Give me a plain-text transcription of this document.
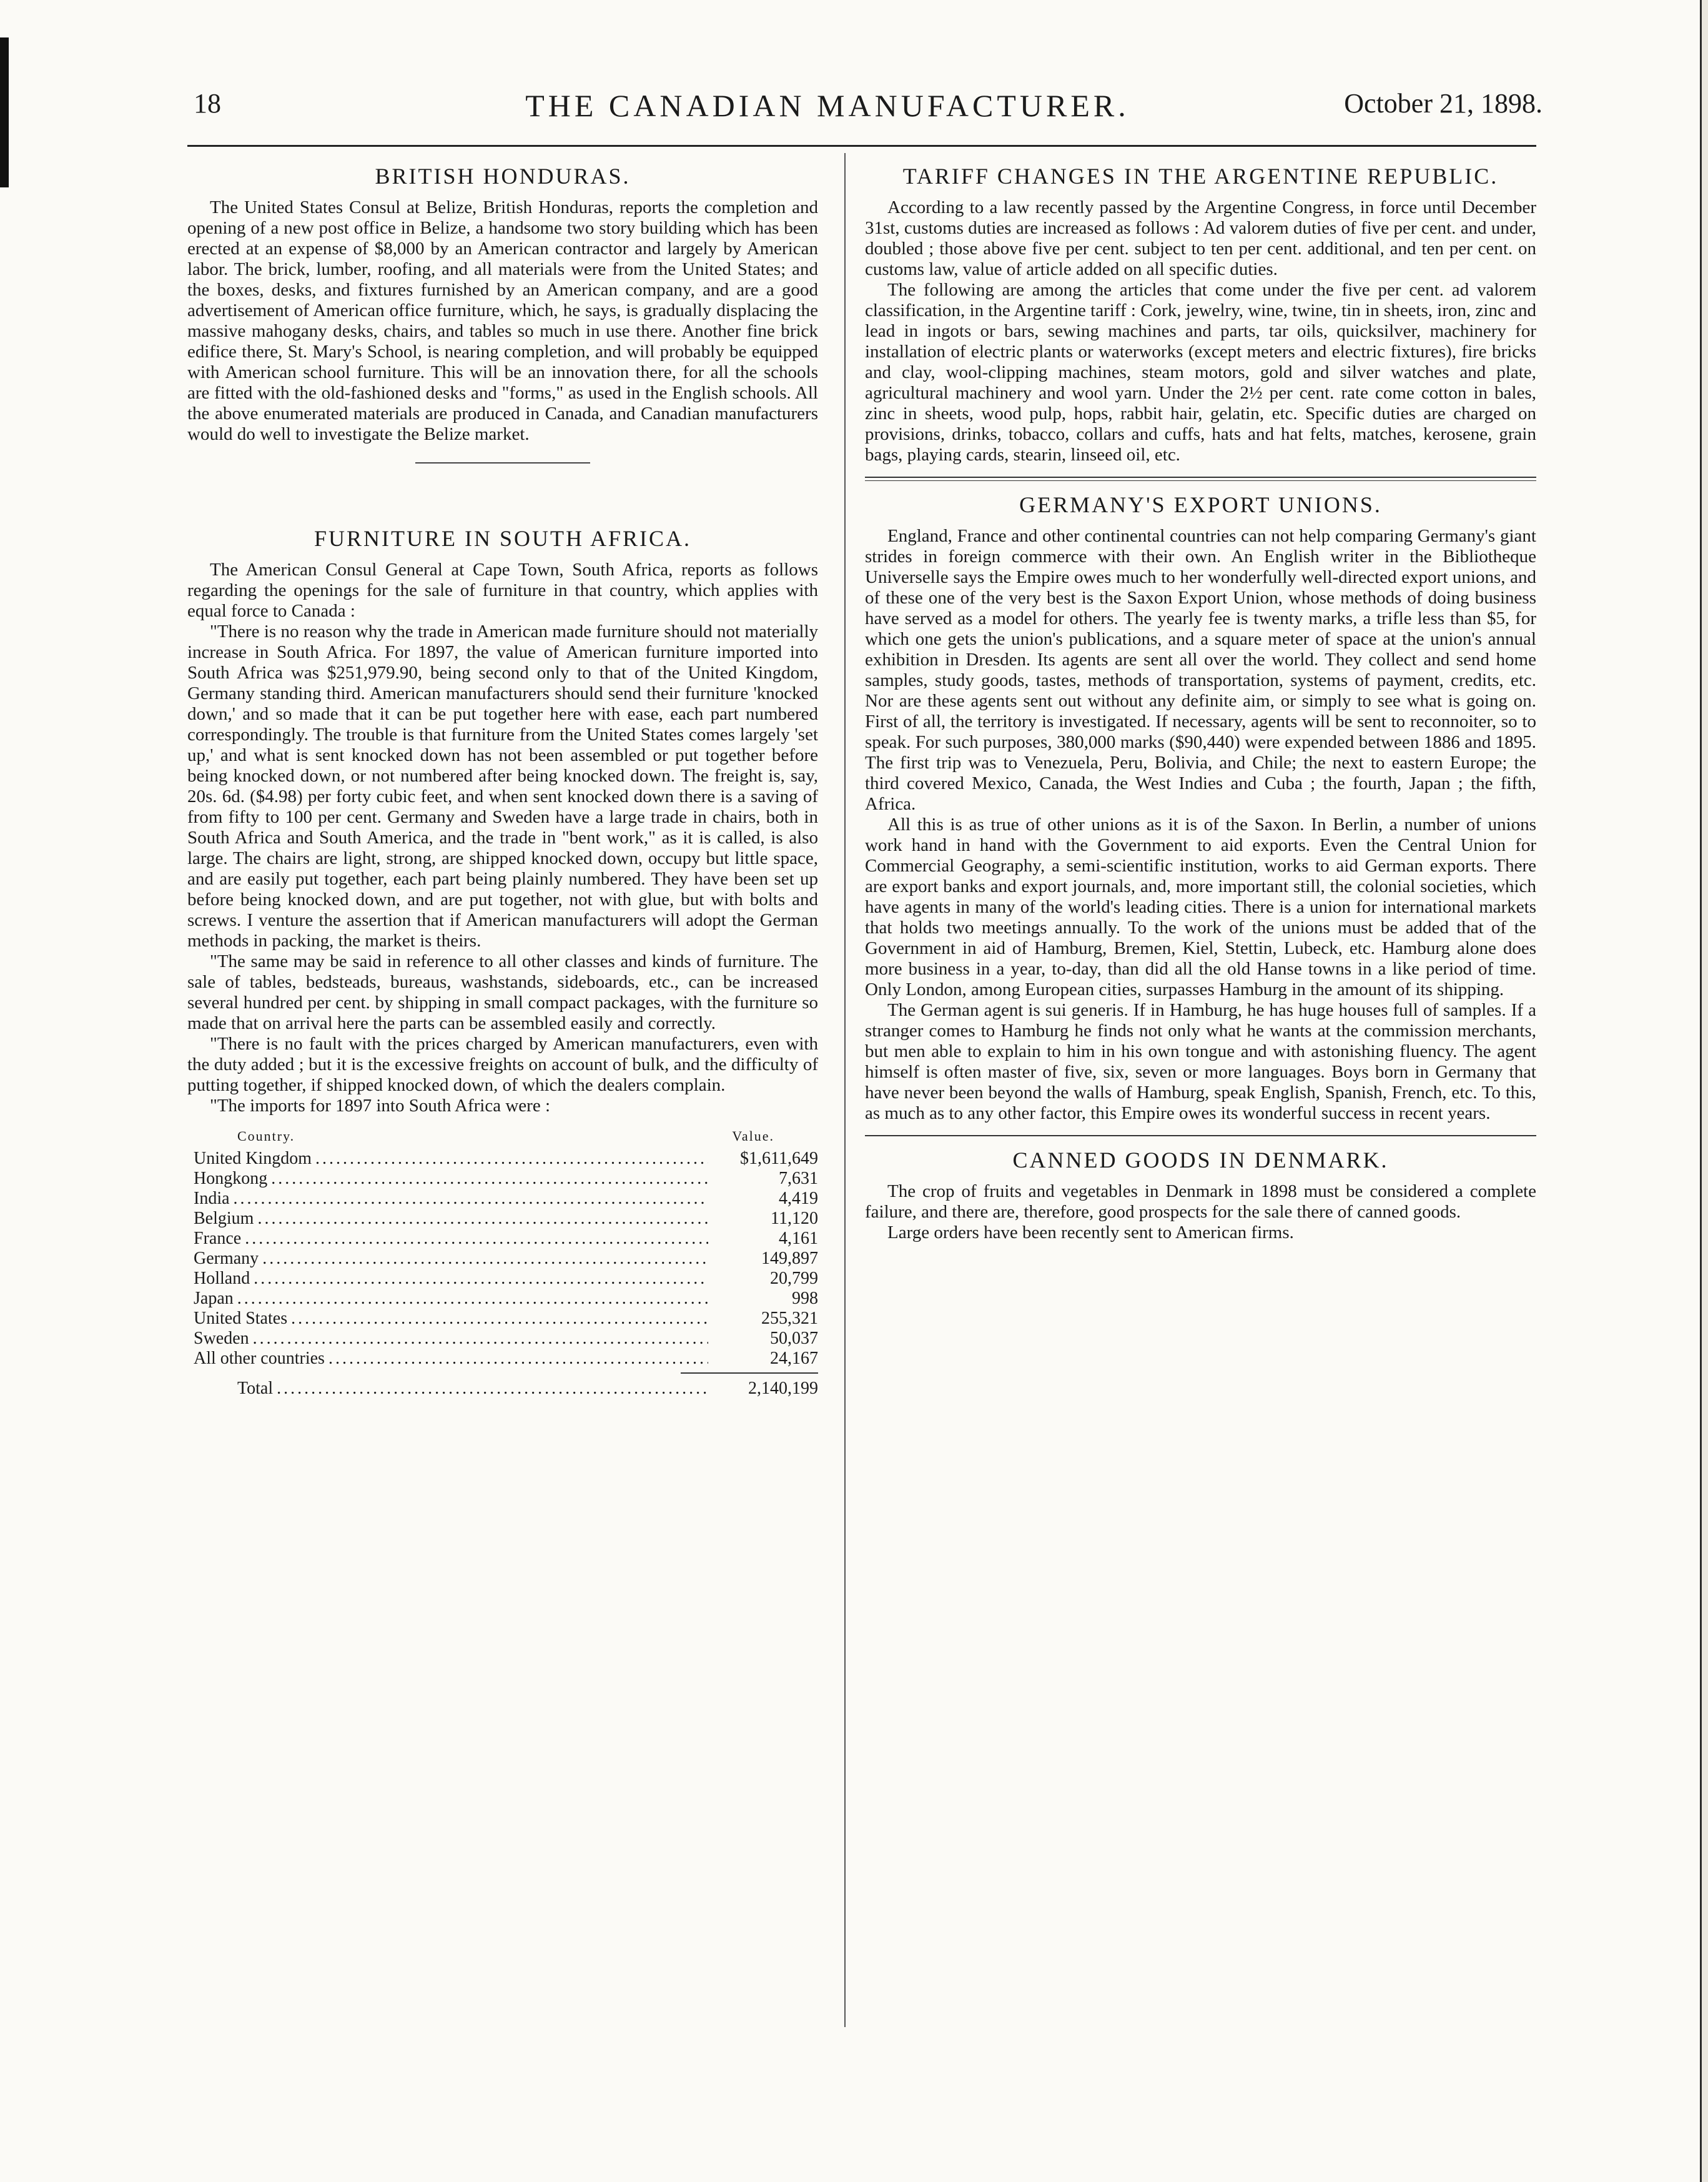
18	THE CANADIAN MANUFACTURER.	October 21, 1898.
BRITISH HONDURAS.

The United States Consul at Belize, British Honduras, reports the completion and opening of a new post office in Belize, a handsome two story building which has been erected at an expense of $8,000 by an American contractor and largely by American labor. The brick, lumber, roofing, and all materials were from the United States; and the boxes, desks, and fixtures furnished by an American company, and are a good advertisement of American office furniture, which, he says, is gradually displacing the massive mahogany desks, chairs, and tables so much in use there. Another fine brick edifice there, St. Mary's School, is nearing completion, and will probably be equipped with American school furniture. This will be an innovation there, for all the schools are fitted with the old-fashioned desks and "forms," as used in the English schools. All the above enumerated materials are produced in Canada, and Canadian manufacturers would do well to investigate the Belize market.

FURNITURE IN SOUTH AFRICA.

The American Consul General at Cape Town, South Africa, reports as follows regarding the openings for the sale of furniture in that country, which applies with equal force to Canada :

"There is no reason why the trade in American made furniture should not materially increase in South Africa. For 1897, the value of American furniture imported into South Africa was $251,979.90, being second only to that of the United Kingdom, Germany standing third. American manufacturers should send their furniture 'knocked down,' and so made that it can be put together here with ease, each part numbered correspondingly. The trouble is that furniture from the United States comes largely 'set up,' and what is sent knocked down has not been assembled or put together before being knocked down, or not numbered after being knocked down. The freight is, say, 20s. 6d. ($4.98) per forty cubic feet, and when sent knocked down there is a saving of from fifty to 100 per cent. Germany and Sweden have a large trade in chairs, both in South Africa and South America, and the trade in "bent work," as it is called, is also large. The chairs are light, strong, are shipped knocked down, occupy but little space, and are easily put together, each part being plainly numbered. They have been set up before being knocked down, and are put together, not with glue, but with bolts and screws. I venture the assertion that if American manufacturers will adopt the German methods in packing, the market is theirs.

"The same may be said in reference to all other classes and kinds of furniture. The sale of tables, bedsteads, bureaus, washstands, sideboards, etc., can be increased several hundred per cent. by shipping in small compact packages, with the furniture so made that on arrival here the parts can be assembled easily and correctly.

"There is no fault with the prices charged by American manufacturers, even with the duty added ; but it is the excessive freights on account of bulk, and the difficulty of putting together, if shipped knocked down, of which the dealers complain.

"The imports for 1897 into South Africa were :

Country.	Value.
United Kingdom .....	$1,611,649
Hongkong .....	7,631
India .....	4,419
Belgium .....	11,120
France .....	4,161
Germany .....	149,897
Holland .....	20,799
Japan .....	998
United States .....	255,321
Sweden .....	50,037
All other countries .....	24,167
Total .....	2,140,199
TARIFF CHANGES IN THE ARGENTINE REPUBLIC.

According to a law recently passed by the Argentine Congress, in force until December 31st, customs duties are increased as follows : Ad valorem duties of five per cent. and under, doubled ; those above five per cent. subject to ten per cent. additional, and ten per cent. on customs law, value of article added on all specific duties.

The following are among the articles that come under the five per cent. ad valorem classification, in the Argentine tariff : Cork, jewelry, wine, twine, tin in sheets, iron, zinc and lead in ingots or bars, sewing machines and parts, tar oils, quicksilver, machinery for installation of electric plants or waterworks (except meters and electric fixtures), fire bricks and clay, wool-clipping machines, steam motors, gold and silver watches and plate, agricultural machinery and wool yarn. Under the 2½ per cent. rate come cotton in bales, zinc in sheets, wood pulp, hops, rabbit hair, gelatin, etc. Specific duties are charged on provisions, drinks, tobacco, collars and cuffs, hats and hat felts, matches, kerosene, grain bags, playing cards, stearin, linseed oil, etc.

GERMANY'S EXPORT UNIONS.

England, France and other continental countries can not help comparing Germany's giant strides in foreign commerce with their own. An English writer in the Bibliotheque Universelle says the Empire owes much to her wonderfully well-directed export unions, and of these one of the very best is the Saxon Export Union, whose methods of doing business have served as a model for others. The yearly fee is twenty marks, a trifle less than $5, for which one gets the union's publications, and a square meter of space at the union's annual exhibition in Dresden. Its agents are sent all over the world. They collect and send home samples, study goods, tastes, methods of transportation, systems of payment, credits, etc. Nor are these agents sent out without any definite aim, or simply to see what is going on. First of all, the territory is investigated. If necessary, agents will be sent to reconnoiter, so to speak. For such purposes, 380,000 marks ($90,440) were expended between 1886 and 1895. The first trip was to Venezuela, Peru, Bolivia, and Chile; the next to eastern Europe; the third covered Mexico, Canada, the West Indies and Cuba ; the fourth, Japan ; the fifth, Africa.

All this is as true of other unions as it is of the Saxon. In Berlin, a number of unions work hand in hand with the Government to aid exports. Even the Central Union for Commercial Geography, a semi-scientific institution, works to aid German exports. There are export banks and export journals, and, more important still, the colonial societies, which have agents in many of the world's leading cities. There is a union for international markets that holds two meetings annually. To the work of the unions must be added that of the Government in aid of Hamburg, Bremen, Kiel, Stettin, Lubeck, etc. Hamburg alone does more business in a year, to-day, than did all the old Hanse towns in a like period of time. Only London, among European cities, surpasses Hamburg in the amount of its shipping.

The German agent is sui generis. If in Hamburg, he has huge houses full of samples. If a stranger comes to Hamburg he finds not only what he wants at the commission merchants, but men able to explain to him in his own tongue and with astonishing fluency. The agent himself is often master of five, six, seven or more languages. Boys born in Germany that have never been beyond the walls of Hamburg, speak English, Spanish, French, etc. To this, as much as to any other factor, this Empire owes its wonderful success in recent years.

CANNED GOODS IN DENMARK.

The crop of fruits and vegetables in Denmark in 1898 must be considered a complete failure, and there are, therefore, good prospects for the sale there of canned goods.

Large orders have been recently sent to American firms.
